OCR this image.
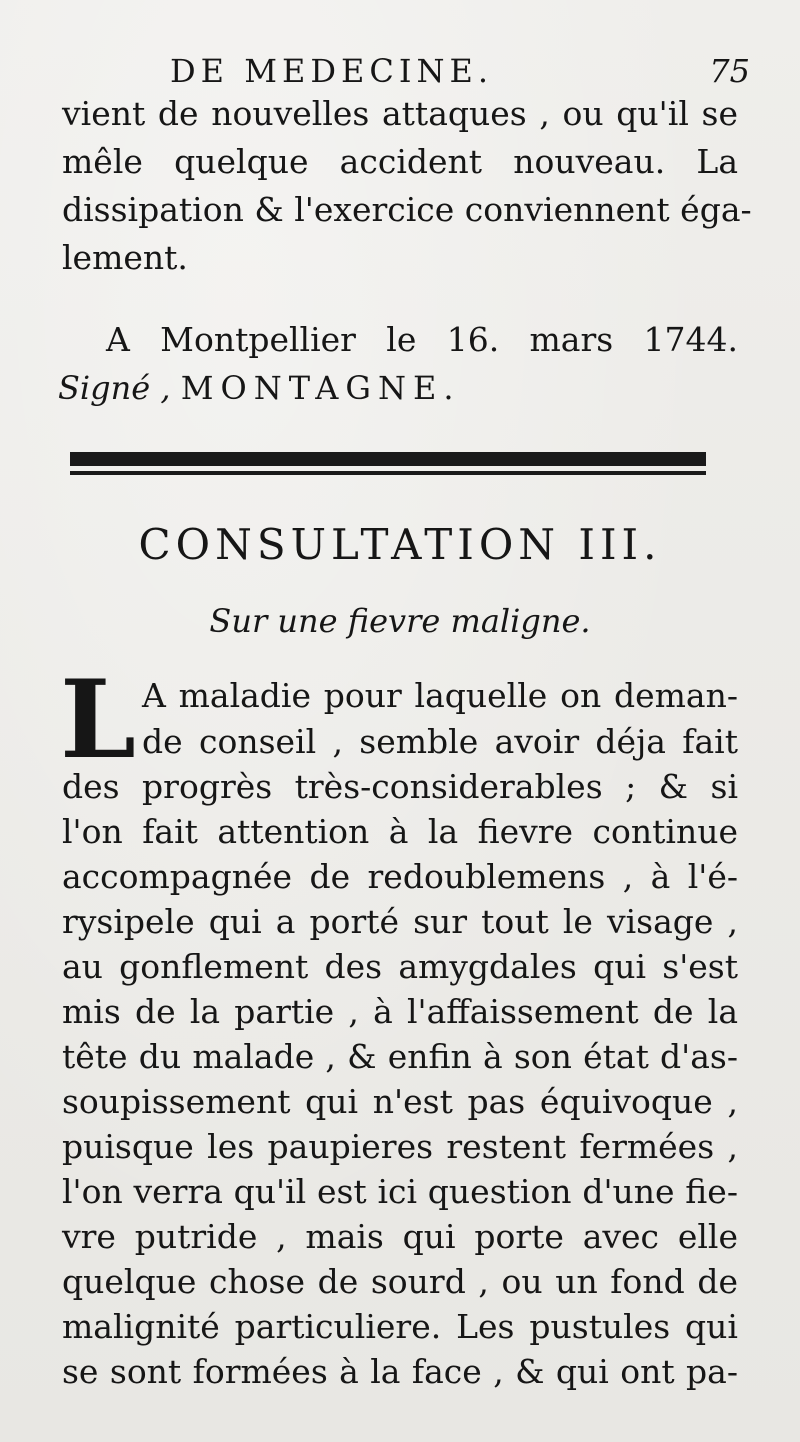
DE MEDECINE.	75
vient de nouvelles attaques , ou qu'il se
mêle quelque accident nouveau. La
dissipation & l'exercice conviennent éga-
lement.
A Montpellier le 16. mars 1744.
Signé , MONTAGNE.
CONSULTATION III.
Sur une fievre maligne.
L A maladie pour laquelle on deman-
de conseil , semble avoir déja fait
des progrès très-considerables ; & si
l'on fait attention à la fievre continue
accompagnée de redoublemens , à l'é-
rysipele qui a porté sur tout le visage ,
au gonflement des amygdales qui s'est
mis de la partie , à l'affaissement de la
tête du malade , & enfin à son état d'as-
soupissement qui n'est pas équivoque ,
puisque les paupieres restent fermées ,
l'on verra qu'il est ici question d'une fie-
vre putride , mais qui porte avec elle
quelque chose de sourd , ou un fond de
malignité particuliere. Les pustules qui
se sont formées à la face , & qui ont pa-
